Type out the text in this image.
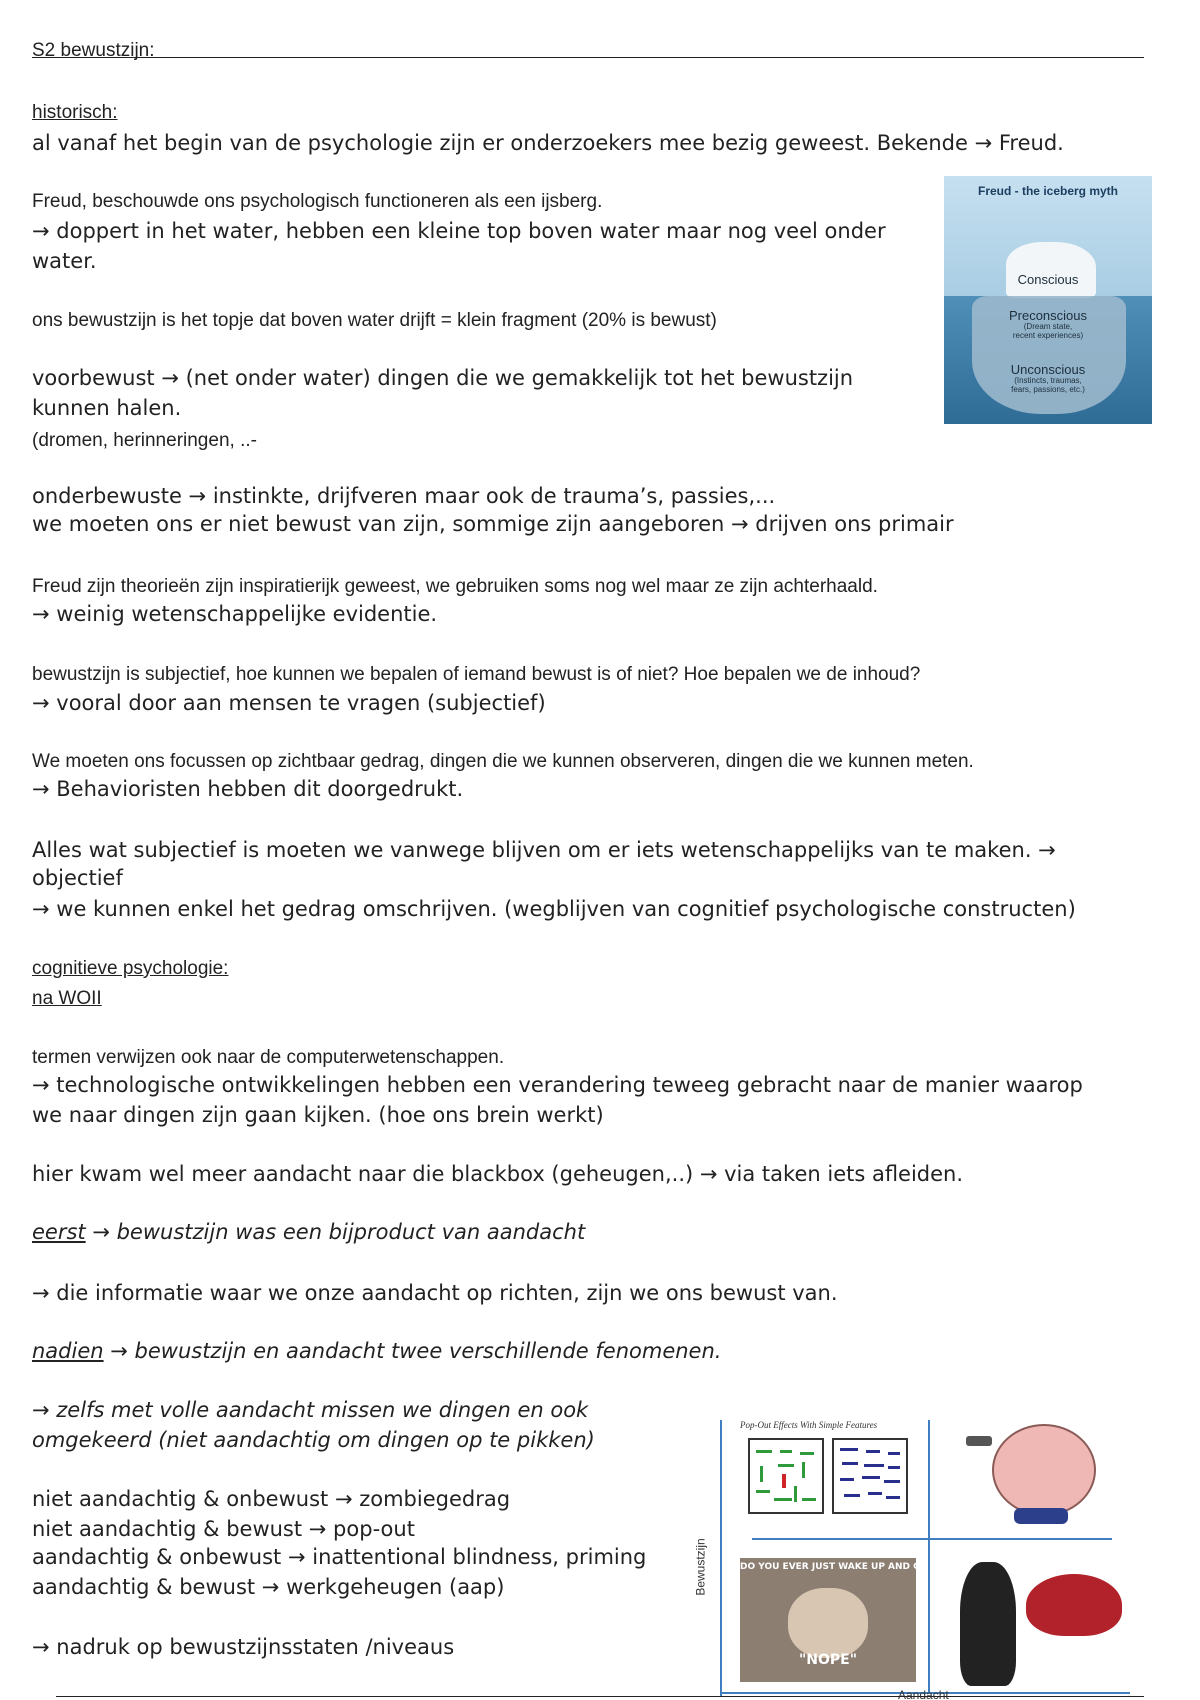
S2 bewustzijn:

historisch:

al vanaf het begin van de psychologie zijn er onderzoekers mee bezig geweest. Bekende → Freud.

Freud, beschouwde ons psychologisch functioneren als een ijsberg.

→ doppert in het water, hebben een kleine top boven water maar nog veel onder

water.

ons bewustzijn is het topje dat boven water drijft = klein fragment (20% is bewust)

voorbewust → (net onder water) dingen die we gemakkelijk tot het bewustzijn

kunnen halen.

(dromen, herinneringen, ..-

onderbewuste → instinkte, drijfveren maar ook de trauma’s, passies,...

we moeten ons er niet bewust van zijn, sommige zijn aangeboren → drijven ons primair

Freud zijn theorieën zijn inspiratierijk geweest, we gebruiken soms nog wel maar ze zijn achterhaald.

→ weinig wetenschappelijke evidentie.

bewustzijn is subjectief, hoe kunnen we bepalen of iemand bewust is of niet? Hoe bepalen we de inhoud?

→ vooral door aan mensen te vragen (subjectief)

We moeten ons focussen op zichtbaar gedrag, dingen die we kunnen observeren, dingen die we kunnen meten.

→ Behavioristen hebben dit doorgedrukt.

Alles wat subjectief is moeten we vanwege blijven om er iets wetenschappelijks van te maken. →

objectief

→ we kunnen enkel het gedrag omschrijven. (wegblijven van cognitief psychologische constructen)

cognitieve psychologie:

na WOII

termen verwijzen ook naar de computerwetenschappen.

→ technologische ontwikkelingen hebben een verandering teweeg gebracht naar de manier waarop

we naar dingen zijn gaan kijken. (hoe ons brein werkt)

hier kwam wel meer aandacht naar die blackbox (geheugen,..) → via taken iets afleiden.

eerst → bewustzijn was een bijproduct van aandacht

→ die informatie waar we onze aandacht op richten, zijn we ons bewust van.

nadien → bewustzijn en aandacht twee verschillende fenomenen.

→ zelfs met volle aandacht missen we dingen en ook

omgekeerd (niet aandachtig om dingen op te pikken)

niet aandachtig & onbewust → zombiegedrag

niet aandachtig & bewust → pop-out

aandachtig & onbewust → inattentional blindness, priming

aandachtig & bewust → werkgeheugen (aap)

→ nadruk op bewustzijnsstaten /niveaus

Freud - the iceberg myth
Conscious
Preconscious
(Dream state,
recent experiences)
Unconscious
(Instincts, traumas,
fears, passions, etc.)
Bewustzijn
Aandacht
Pop-Out Effects With Simple Features
DO YOU EVER JUST WAKE UP AND GO
"NOPE"
